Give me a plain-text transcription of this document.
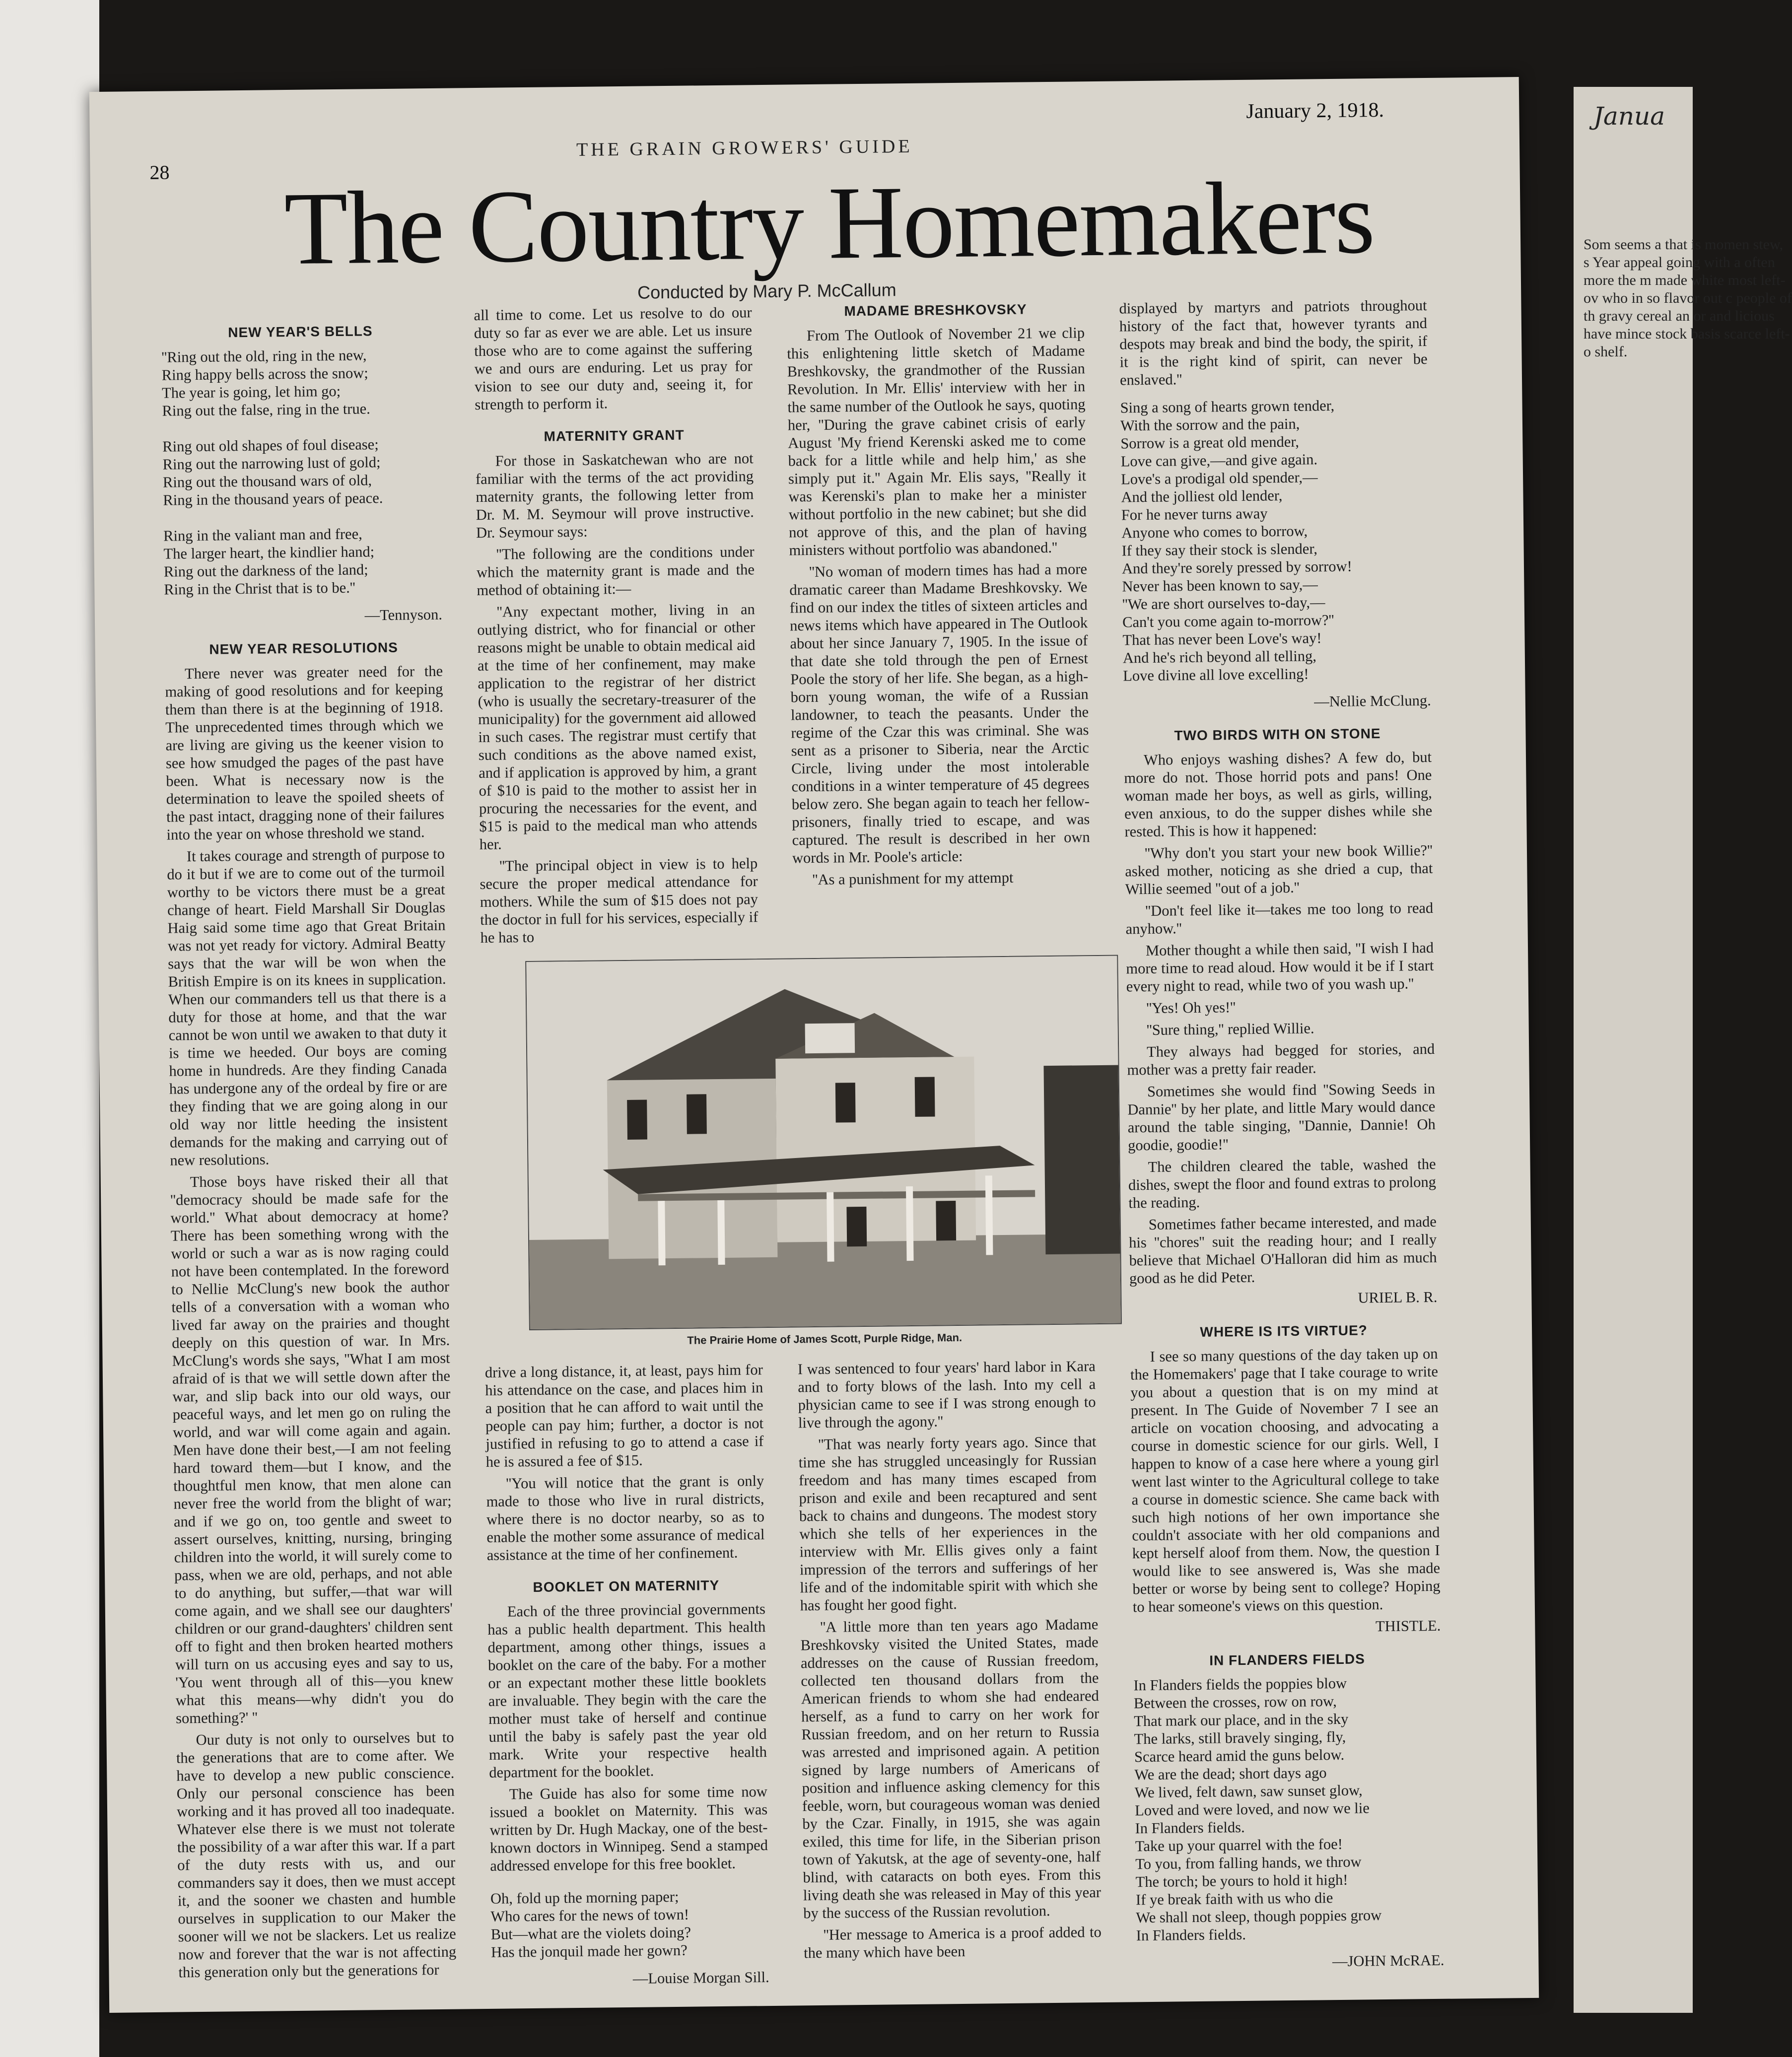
Janua
Som seems a that is momen stew, s Year appeal going with a often more the m made white most left-ov who in so flavor out c people of th gravy cereal an or and licious have mince stock basis scarce left-o shelf.
28
THE GRAIN GROWERS' GUIDE
January 2, 1918.
The Country Homemakers
Conducted by Mary P. McCallum
NEW YEAR'S BELLS

''Ring out the old, ring in the new,
Ring happy bells across the snow;
The year is going, let him go;
Ring out the false, ring in the true.

Ring out old shapes of foul disease;
Ring out the narrowing lust of gold;
Ring out the thousand wars of old,
Ring in the thousand years of peace.

Ring in the valiant man and free,
The larger heart, the kindlier hand;
Ring out the darkness of the land;
Ring in the Christ that is to be.''

—Tennyson.

NEW YEAR RESOLUTIONS

There never was greater need for the making of good resolutions and for keeping them than there is at the beginning of 1918. The unprecedented times through which we are living are giving us the keener vision to see how smudged the pages of the past have been. What is necessary now is the determination to leave the spoiled sheets of the past intact, dragging none of their failures into the year on whose threshold we stand.

It takes courage and strength of purpose to do it but if we are to come out of the turmoil worthy to be victors there must be a great change of heart. Field Marshall Sir Douglas Haig said some time ago that Great Britain was not yet ready for victory. Admiral Beatty says that the war will be won when the British Empire is on its knees in supplication. When our commanders tell us that there is a duty for those at home, and that the war cannot be won until we awaken to that duty it is time we heeded. Our boys are coming home in hundreds. Are they finding Canada has undergone any of the ordeal by fire or are they finding that we are going along in our old way nor little heeding the insistent demands for the making and carrying out of new resolutions.

Those boys have risked their all that ''democracy should be made safe for the world.'' What about democracy at home? There has been something wrong with the world or such a war as is now raging could not have been contemplated. In the foreword to Nellie McClung's new book the author tells of a conversation with a woman who lived far away on the prairies and thought deeply on this question of war. In Mrs. McClung's words she says, ''What I am most afraid of is that we will settle down after the war, and slip back into our old ways, our peaceful ways, and let men go on ruling the world, and war will come again and again. Men have done their best,—I am not feeling hard toward them—but I know, and the thoughtful men know, that men alone can never free the world from the blight of war; and if we go on, too gentle and sweet to assert ourselves, knitting, nursing, bringing children into the world, it will surely come to pass, when we are old, perhaps, and not able to do anything, but suffer,—that war will come again, and we shall see our daughters' children or our grand-daughters' children sent off to fight and then broken hearted mothers will turn on us accusing eyes and say to us, 'You went through all of this—you knew what this means—why didn't you do something?' ''

Our duty is not only to ourselves but to the generations that are to come after. We have to develop a new public conscience. Only our personal conscience has been working and it has proved all too inadequate. Whatever else there is we must not tolerate the possibility of a war after this war. If a part of the duty rests with us, and our commanders say it does, then we must accept it, and the sooner we chasten and humble ourselves in supplication to our Maker the sooner will we not be slackers. Let us realize now and forever that the war is not affecting this generation only but the generations for

all time to come. Let us resolve to do our duty so far as ever we are able. Let us insure those who are to come against the suffering we and ours are enduring. Let us pray for vision to see our duty and, seeing it, for strength to perform it.

MATERNITY GRANT

For those in Saskatchewan who are not familiar with the terms of the act providing maternity grants, the following letter from Dr. M. M. Seymour will prove instructive. Dr. Seymour says:

''The following are the conditions under which the maternity grant is made and the method of obtaining it:—

''Any expectant mother, living in an outlying district, who for financial or other reasons might be unable to obtain medical aid at the time of her confinement, may make application to the registrar of her district (who is usually the secretary-treasurer of the municipality) for the government aid allowed in such cases. The registrar must certify that such conditions as the above named exist, and if application is approved by him, a grant of $10 is paid to the mother to assist her in procuring the necessaries for the event, and $15 is paid to the medical man who attends her.

''The principal object in view is to help secure the proper medical attendance for mothers. While the sum of $15 does not pay the doctor in full for his services, especially if he has to

MADAME BRESHKOVSKY

From The Outlook of November 21 we clip this enlightening little sketch of Madame Breshkovsky, the grandmother of the Russian Revolution. In Mr. Ellis' interview with her in the same number of the Outlook he says, quoting her, ''During the grave cabinet crisis of early August 'My friend Kerenski asked me to come back for a little while and help him,' as she simply put it.'' Again Mr. Elis says, ''Really it was Kerenski's plan to make her a minister without portfolio in the new cabinet; but she did not approve of this, and the plan of having ministers without portfolio was abandoned.''

''No woman of modern times has had a more dramatic career than Madame Breshkovsky. We find on our index the titles of sixteen articles and news items which have appeared in The Outlook about her since January 7, 1905. In the issue of that date she told through the pen of Ernest Poole the story of her life. She began, as a high-born young woman, the wife of a Russian landowner, to teach the peasants. Under the regime of the Czar this was criminal. She was sent as a prisoner to Siberia, near the Arctic Circle, living under the most intolerable conditions in a winter temperature of 45 degrees below zero. She began again to teach her fellow-prisoners, finally tried to escape, and was captured. The result is described in her own words in Mr. Poole's article:

''As a punishment for my attempt

The Prairie Home of James Scott, Purple Ridge, Man.

drive a long distance, it, at least, pays him for his attendance on the case, and places him in a position that he can afford to wait until the people can pay him; further, a doctor is not justified in refusing to go to attend a case if he is assured a fee of $15.

''You will notice that the grant is only made to those who live in rural districts, where there is no doctor nearby, so as to enable the mother some assurance of medical assistance at the time of her confinement.

BOOKLET ON MATERNITY

Each of the three provincial governments has a public health department. This health department, among other things, issues a booklet on the care of the baby. For a mother or an expectant mother these little booklets are invaluable. They begin with the care the mother must take of herself and continue until the baby is safely past the year old mark. Write your respective health department for the booklet.

The Guide has also for some time now issued a booklet on Maternity. This was written by Dr. Hugh Mackay, one of the best-known doctors in Winnipeg. Send a stamped addressed envelope for this free booklet.

Oh, fold up the morning paper;
Who cares for the news of town!
But—what are the violets doing?
Has the jonquil made her gown?

—Louise Morgan Sill.

I was sentenced to four years' hard labor in Kara and to forty blows of the lash. Into my cell a physician came to see if I was strong enough to live through the agony.''

''That was nearly forty years ago. Since that time she has struggled unceasingly for Russian freedom and has many times escaped from prison and exile and been recaptured and sent back to chains and dungeons. The modest story which she tells of her experiences in the interview with Mr. Ellis gives only a faint impression of the terrors and sufferings of her life and of the indomitable spirit with which she has fought her good fight.

''A little more than ten years ago Madame Breshkovsky visited the United States, made addresses on the cause of Russian freedom, collected ten thousand dollars from the American friends to whom she had endeared herself, as a fund to carry on her work for Russian freedom, and on her return to Russia was arrested and imprisoned again. A petition signed by large numbers of Americans of position and influence asking clemency for this feeble, worn, but courageous woman was denied by the Czar. Finally, in 1915, she was again exiled, this time for life, in the Siberian prison town of Yakutsk, at the age of seventy-one, half blind, with cataracts on both eyes. From this living death she was released in May of this year by the success of the Russian revolution.

''Her message to America is a proof added to the many which have been

displayed by martyrs and patriots throughout history of the fact that, however tyrants and despots may break and bind the body, the spirit, if it is the right kind of spirit, can never be enslaved.''

Sing a song of hearts grown tender,
With the sorrow and the pain,
Sorrow is a great old mender,
Love can give,—and give again.
Love's a prodigal old spender,—
And the jolliest old lender,
For he never turns away
Anyone who comes to borrow,
If they say their stock is slender,
And they're sorely pressed by sorrow!
Never has been known to say,—
''We are short ourselves to-day,—
Can't you come again to-morrow?''
That has never been Love's way!
And he's rich beyond all telling,
Love divine all love excelling!

—Nellie McClung.

TWO BIRDS WITH ON STONE

Who enjoys washing dishes? A few do, but more do not. Those horrid pots and pans! One woman made her boys, as well as girls, willing, even anxious, to do the supper dishes while she rested. This is how it happened:

''Why don't you start your new book Willie?'' asked mother, noticing as she dried a cup, that Willie seemed ''out of a job.''

''Don't feel like it—takes me too long to read anyhow.''

Mother thought a while then said, ''I wish I had more time to read aloud. How would it be if I start every night to read, while two of you wash up.''

''Yes! Oh yes!''

''Sure thing,'' replied Willie.

They always had begged for stories, and mother was a pretty fair reader.

Sometimes she would find ''Sowing Seeds in Dannie'' by her plate, and little Mary would dance around the table singing, ''Dannie, Dannie! Oh goodie, goodie!''

The children cleared the table, washed the dishes, swept the floor and found extras to prolong the reading.

Sometimes father became interested, and made his ''chores'' suit the reading hour; and I really believe that Michael O'Halloran did him as much good as he did Peter.

URIEL B. R.

WHERE IS ITS VIRTUE?

I see so many questions of the day taken up on the Homemakers' page that I take courage to write you about a question that is on my mind at present. In The Guide of November 7 I see an article on vocation choosing, and advocating a course in domestic science for our girls. Well, I happen to know of a case here where a young girl went last winter to the Agricultural college to take a course in domestic science. She came back with such high notions of her own importance she couldn't associate with her old companions and kept herself aloof from them. Now, the question I would like to see answered is, Was she made better or worse by being sent to college? Hoping to hear someone's views on this question.

THISTLE.

IN FLANDERS FIELDS

In Flanders fields the poppies blow
Between the crosses, row on row,
That mark our place, and in the sky
The larks, still bravely singing, fly,
Scarce heard amid the guns below.
We are the dead; short days ago
We lived, felt dawn, saw sunset glow,
Loved and were loved, and now we lie
In Flanders fields.
Take up your quarrel with the foe!
To you, from falling hands, we throw
The torch; be yours to hold it high!
If ye break faith with us who die
We shall not sleep, though poppies grow
In Flanders fields.

—JOHN McRAE.
